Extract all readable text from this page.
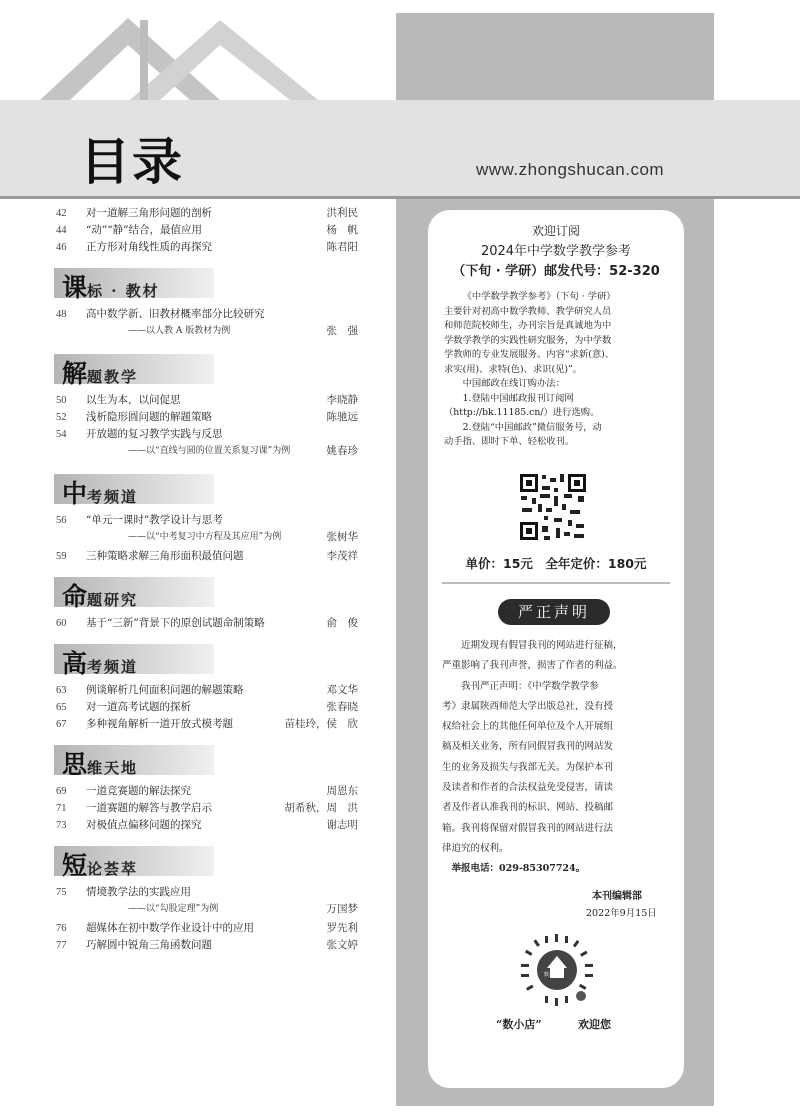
目录	www.zhongshucan.com
42 对一道解三角形问题的剖析	洪利民
44 “动”“静”结合，最值应用	杨　帆
46 正方形对角线性质的再探究	陈君阳
课标 · 教材
48 高中数学新、旧教材概率部分比较研究
——以人教 A 版教材为例	张　强
解题教学
50 以生为本，以问促思	李晓静
52 浅析隐形圆问题的解题策略	陈驰远
54 开放题的复习教学实践与反思
——以“直线与圆的位置关系复习课”为例	姚春珍
中考频道
56 “单元一课时”教学设计与思考
——以“中考复习中方程及其应用”为例	张树华
59 三种策略求解三角形面积最值问题	李茂祥
命题研究
60 基于“三新”背景下的原创试题命制策略	俞　俊
高考频道
63 例谈解析几何面积问题的解题策略	邓文华
65 对一道高考试题的探析	张春晓
67 多种视角解析一道开放式模考题	苗桂玲，侯　欣
思维天地
69 一道竞赛题的解法探究	周恩东
71 一道赛题的解答与教学启示	胡希秋，周　洪
73 对极值点偏移问题的探究	谢志明
短论荟萃
75 情境教学法的实践应用
——以“勾股定理”为例	万国梦
76 超媒体在初中数学作业设计中的应用	罗先利
77 巧解圆中锐角三角函数问题	张文婷
欢迎订阅
2024年中学数学教学参考
（下旬 · 学研）邮发代号：52-320
《中学数学教学参考》（下旬 · 学研）
主要针对初高中数学教师、教学研究人员
和师范院校师生，办刊宗旨是真诚地为中
学数学教学的实践性研究服务，为中学数
学教师的专业发展服务。内容“求新(意)、
求实(用)、求特(色)、求识(见)”。
中国邮政在线订购办法：
1.登陆中国邮政报刊订阅网
（http://bk.11185.cn/）进行选购。
2.登陆“中国邮政”微信服务号，动
动手指、即时下单、轻松收刊。
单价：15元　全年定价：180元
严正声明
近期发现有假冒我刊的网站进行征稿，
严重影响了我刊声誉，损害了作者的利益。
我刊严正声明：《中学数学教学参
考》隶属陕西师范大学出版总社，没有授
权给社会上的其他任何单位及个人开展组
稿及相关业务，所有同假冒我刊的网站发
生的业务及损失与我部无关。为保护本刊
及读者和作者的合法权益免受侵害，请读
者及作者认准我刊的标识、网站、投稿邮
箱。我刊将保留对假冒我刊的网站进行法
律追究的权利。
举报电话：029-85307724。
本刊编辑部
2022年9月15日
数小店
“数小店”	欢迎您
